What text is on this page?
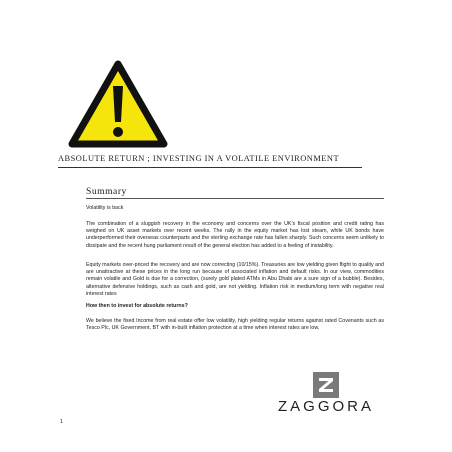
ABSOLUTE RETURN ; INVESTING IN A VOLATILE ENVIRONMENT
Summary

Volatility is back

The combination of a sluggish recovery in the economy and concerns over the UK’s fiscal position and credit rating has weighed on UK asset markets over recent weeks. The rally in the equity market has lost steam, while UK bonds have underperformed their overseas counterparts and the sterling exchange rate has fallen sharply. Such concerns seem unlikely to dissipate and the recent hung parliament result of the general election has added to a feeling of instability.

Equity markets over-priced the recovery and are now correcting (10/15%). Treasuries are low yielding given flight to quality and are unattractive at these prices in the long run because of associated inflation and default risks. In our view, commodities remain volatile and Gold is due for a correction, (surely gold plated ATMs in Abu Dhabi are a sure sign of a bubble). Besides, alternative defensive holdings, such as cash and gold, are not yielding. Inflation risk in medium/long term with negative real interest rates

How then to invest for absolute returns?

We believe the fixed Income from real estate offer low volatility, high yielding regular returns against rated Covenants such as Tesco Plc, UK Government, BT with in-built inflation protection at a time when interest rates are low.

ZAGGORA
1
